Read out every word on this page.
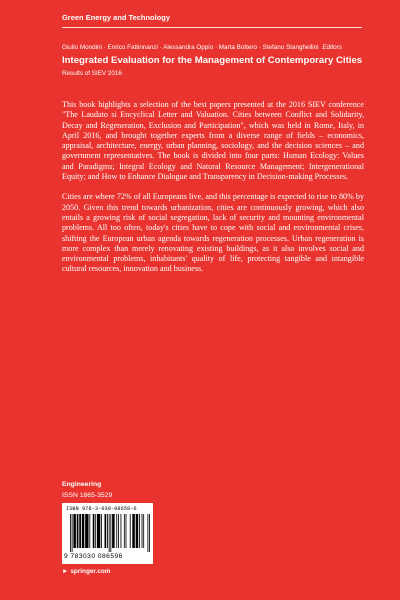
Green Energy and Technology
Giulio Mondini · Enrico Fattinnanzi · Alessandra Oppio · Marta Bottero · Stefano Stanghellini Editors
Integrated Evaluation for the Management of Contemporary Cities
Results of SIEV 2016

This book highlights a selection of the best papers presented at the 2016 SIEV conference "The Laudato si Encyclical Letter and Valuation. Cities between Conflict and Solidarity, Decay and Regeneration, Exclusion and Participation", which was held in Rome, Italy, in April 2016, and brought together experts from a diverse range of fields – economics, appraisal, architecture, energy, urban planning, sociology, and the decision sciences – and government representatives. The book is divided into four parts: Human Ecology: Values and Paradigms; Integral Ecology and Natural Resource Management; Intergenerational Equity; and How to Enhance Dialogue and Transparency in Decision-making Processes.

Cities are where 72% of all Europeans live, and this percentage is expected to rise to 80% by 2050. Given this trend towards urbanization, cities are continuously growing, which also entails a growing risk of social segregation, lack of security and mounting environmental problems. All too often, today's cities have to cope with social and environmental crises, shifting the European urban agenda towards regeneration processes. Urban regeneration is more complex than merely renovating existing buildings, as it also involves social and environmental problems, inhabitants' quality of life, protecting tangible and intangible cultural resources, innovation and business.

Engineering
ISSN 1865-3529
ISBN 978-3-030-08659-6
9 783030 086596
► springer.com
